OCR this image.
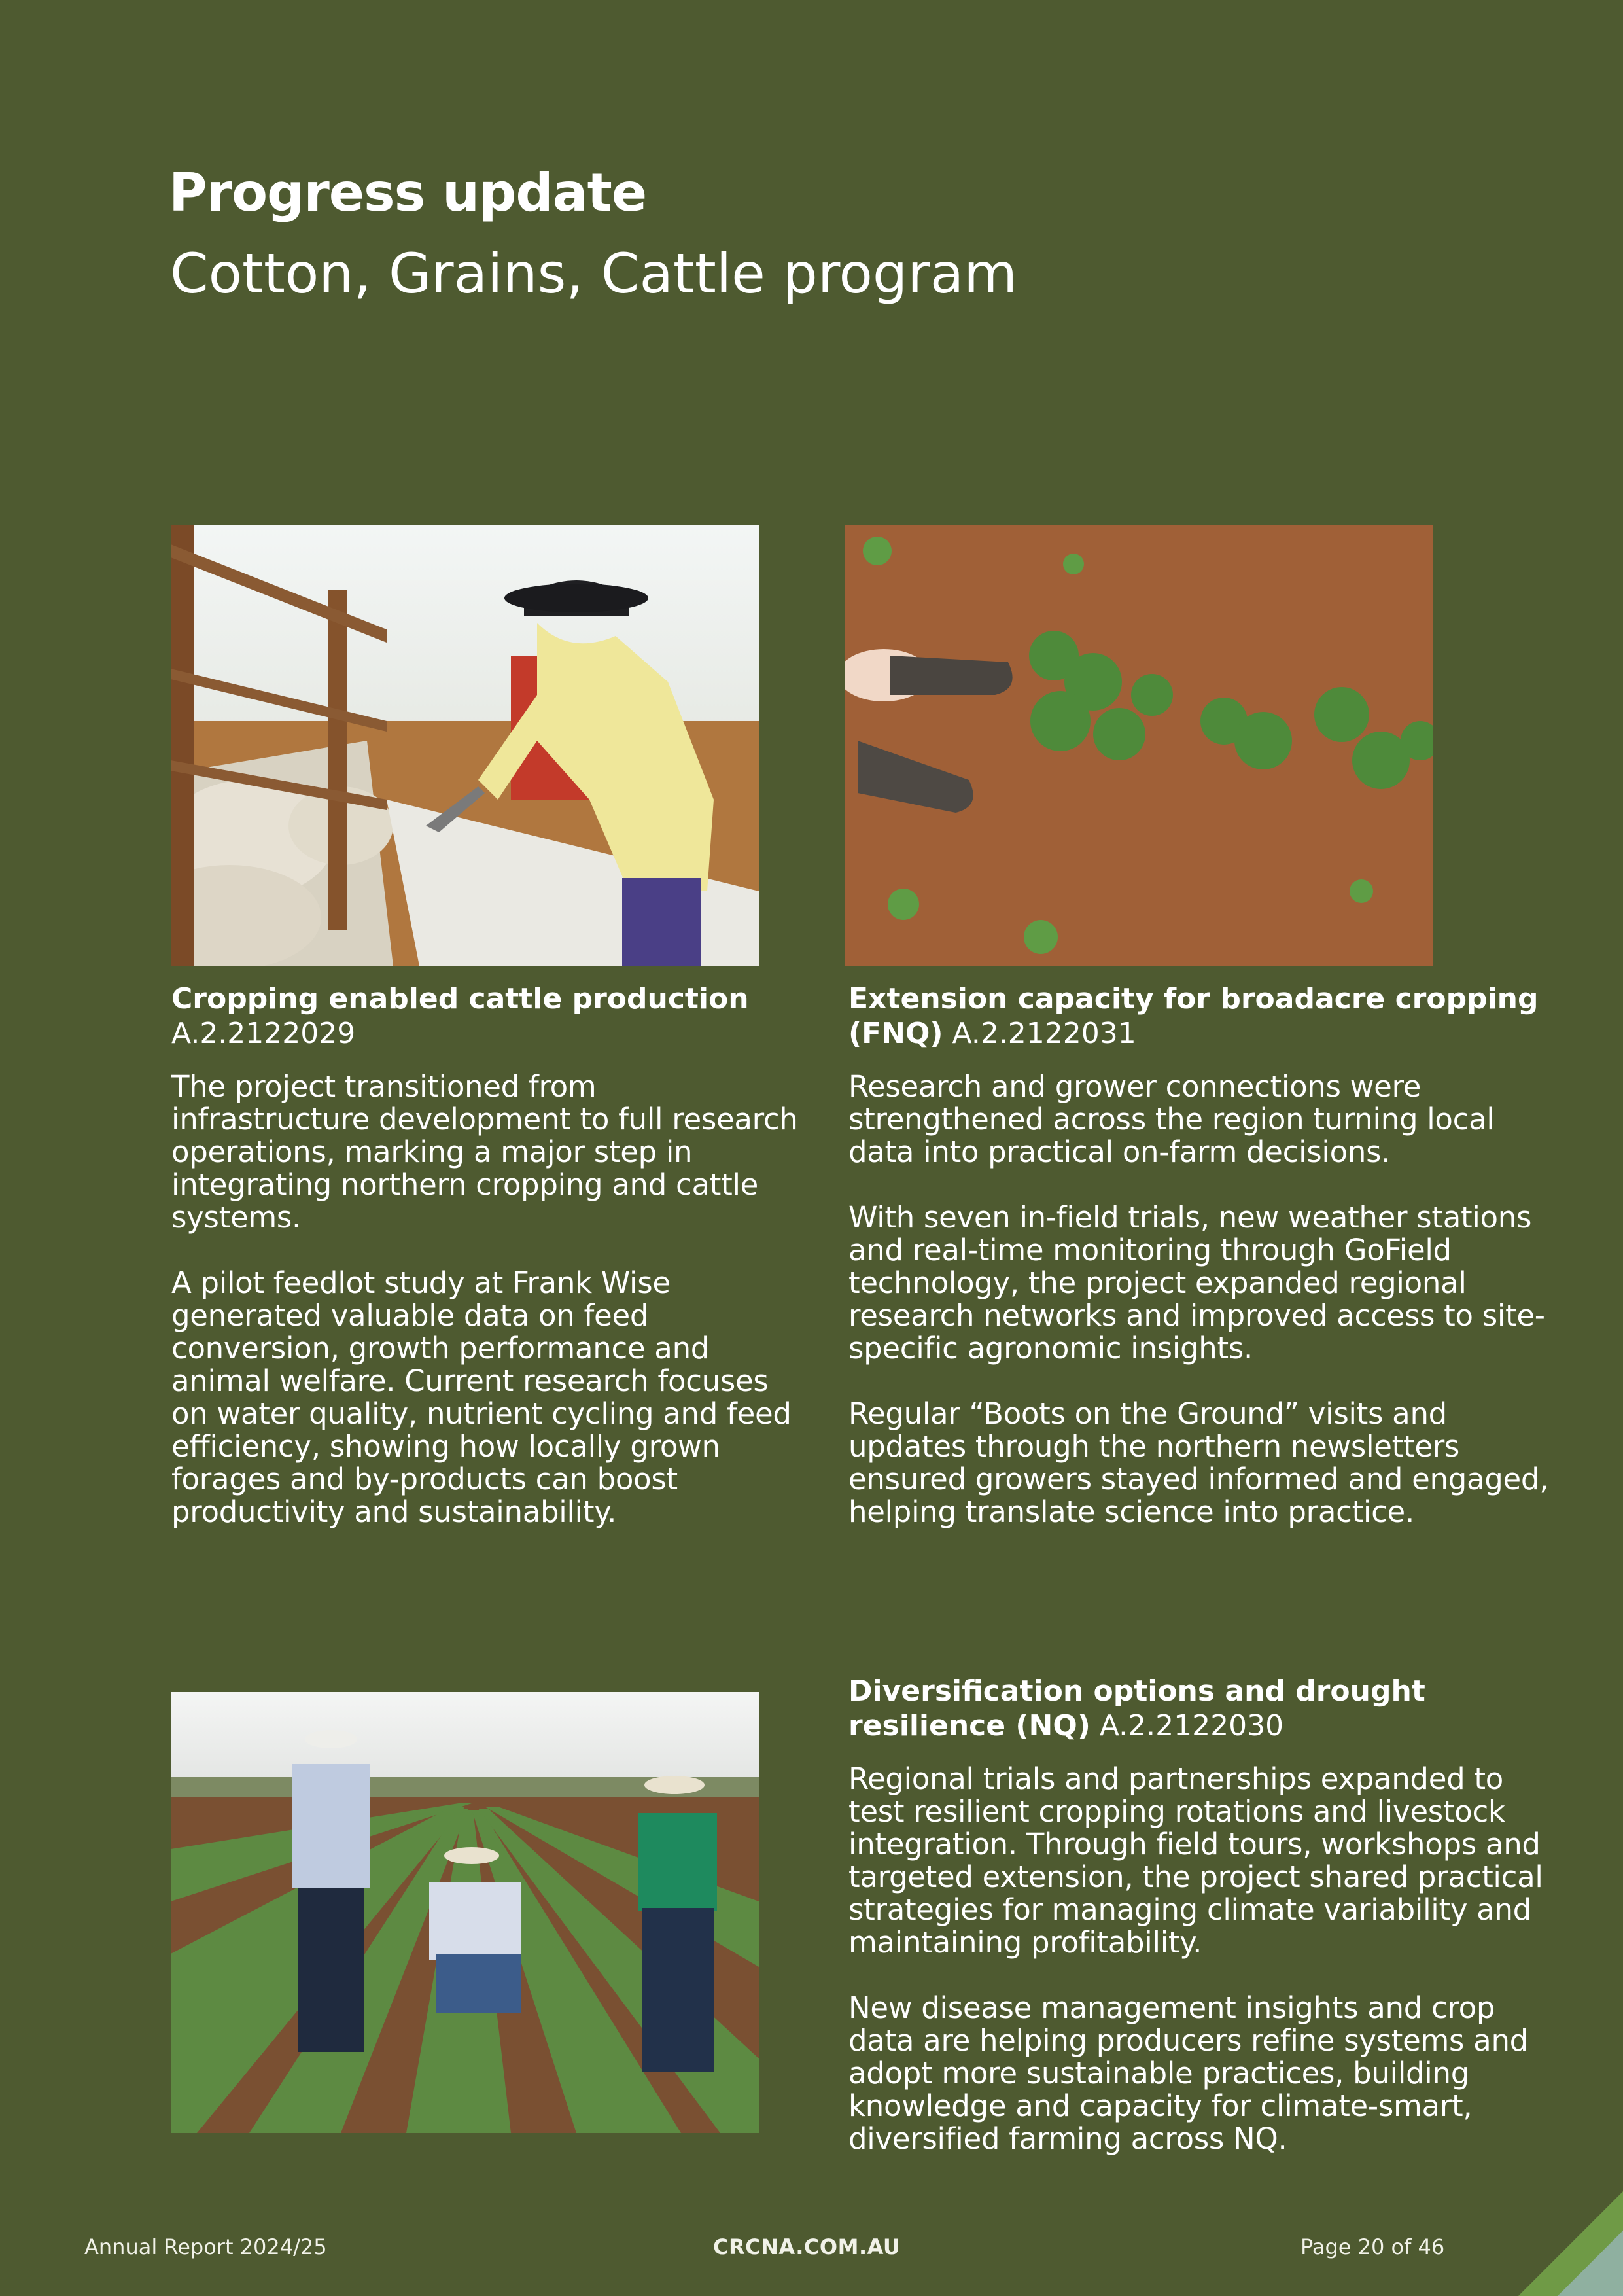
Progress update
Cotton, Grains, Cattle program

Cropping enabled cattle production
A.2.2122029

The project transitioned from infrastructure development to full research operations, marking a major step in integrating northern cropping and cattle systems.

A pilot feedlot study at Frank Wise generated valuable data on feed conversion, growth performance and animal welfare. Current research focuses on water quality, nutrient cycling and feed efficiency, showing how locally grown forages and by-products can boost productivity and sustainability.

Extension capacity for broadacre cropping (FNQ) A.2.2122031

Research and grower connections were strengthened across the region turning local data into practical on-farm decisions.

With seven in-field trials, new weather stations and real-time monitoring through GoField technology, the project expanded regional research networks and improved access to site-specific agronomic insights.

Regular “Boots on the Ground” visits and updates through the northern newsletters ensured growers stayed informed and engaged, helping translate science into practice.

Diversification options and drought resilience (NQ) A.2.2122030

Regional trials and partnerships expanded to test resilient cropping rotations and livestock integration. Through field tours, workshops and targeted extension, the project shared practical strategies for managing climate variability and maintaining profitability.

New disease management insights and crop data are helping producers refine systems and adopt more sustainable practices, building knowledge and capacity for climate-smart, diversified farming across NQ.

Annual Report 2024/25	CRCNA.COM.AU	Page 20 of 46
